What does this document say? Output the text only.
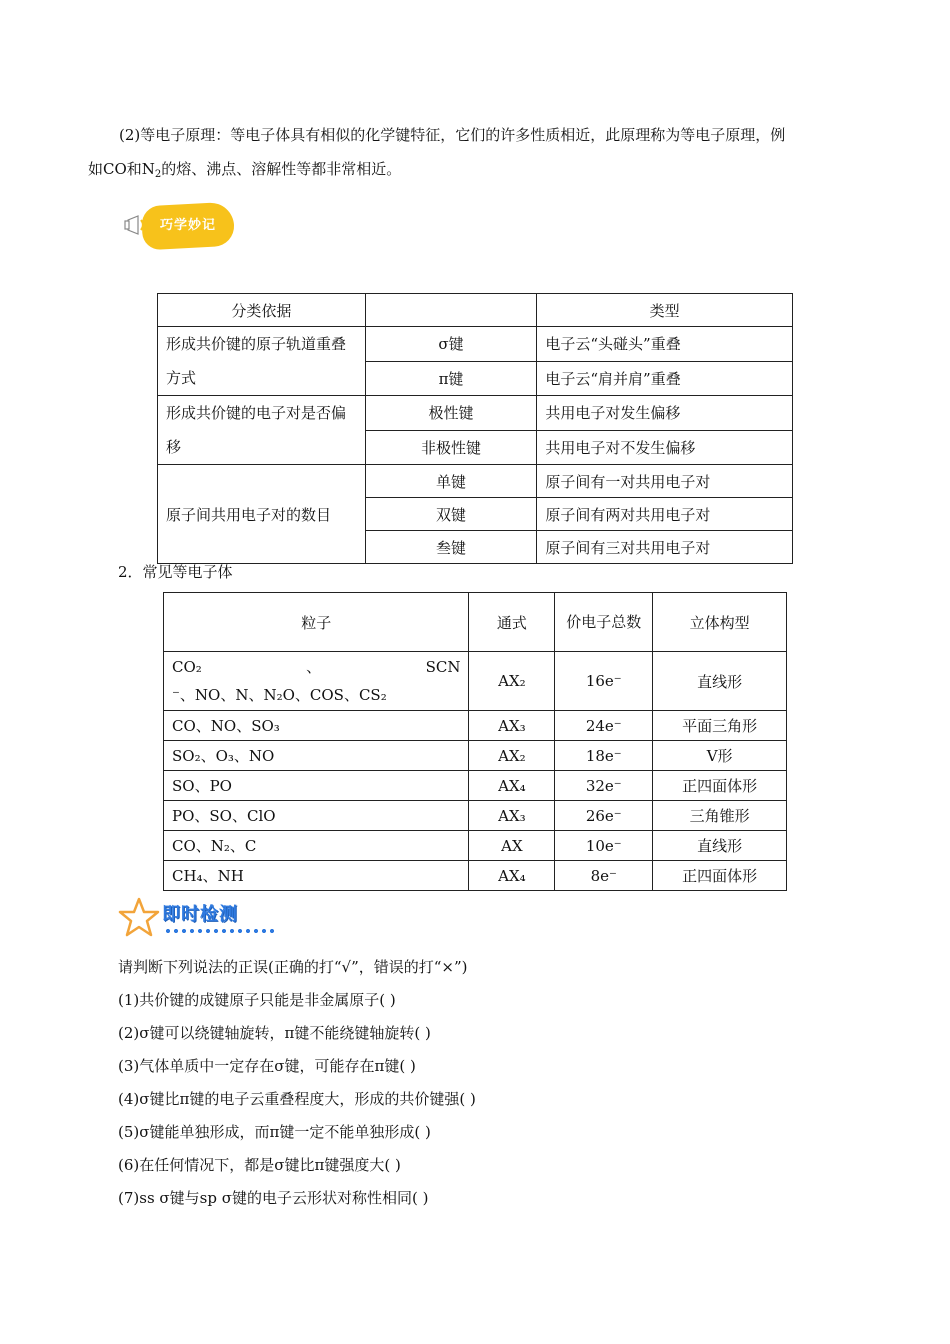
(2)等电子原理：等电子体具有相似的化学键特征，它们的许多性质相近，此原理称为等电子原理，例
如CO和$N_2$的熔、沸点、溶解性等都非常相近。
巧学妙记
分类依据		类型
形成共价键的原子轨道重叠方式	σ键	电子云“头碰头”重叠
	π键	电子云“肩并肩”重叠
形成共价键的电子对是否偏移	极性键	共用电子对发生偏移
	非极性键	共用电子对不发生偏移
原子间共用电子对的数目	单键	原子间有一对共用电子对
	双键	原子间有两对共用电子对
	叁键	原子间有三对共用电子对
2．常见等电子体
粒子	通式	价电子总数	立体构型

CO₂ 、 SCN
⁻、NO、N、N₂O、COS、CS₂	AX₂	16e⁻	直线形
CO、NO、SO₃	AX₃	24e⁻	平面三角形
SO₂、O₃、NO	AX₂	18e⁻	V形
SO、PO	AX₄	32e⁻	正四面体形
PO、SO、ClO	AX₃	26e⁻	三角锥形
CO、N₂、C	AX	10e⁻	直线形
CH₄、NH	AX₄	8e⁻	正四面体形
即时检测
请判断下列说法的正误(正确的打“√”，错误的打“×”)
(1)共价键的成键原子只能是非金属原子( )
(2)σ键可以绕键轴旋转，π键不能绕键轴旋转( )
(3)气体单质中一定存在σ键，可能存在π键( )
(4)σ键比π键的电子云重叠程度大，形成的共价键强( )
(5)σ键能单独形成，而π键一定不能单独形成( )
(6)在任何情况下，都是σ键比π键强度大( )
(7)ss σ键与sp σ键的电子云形状对称性相同( )
